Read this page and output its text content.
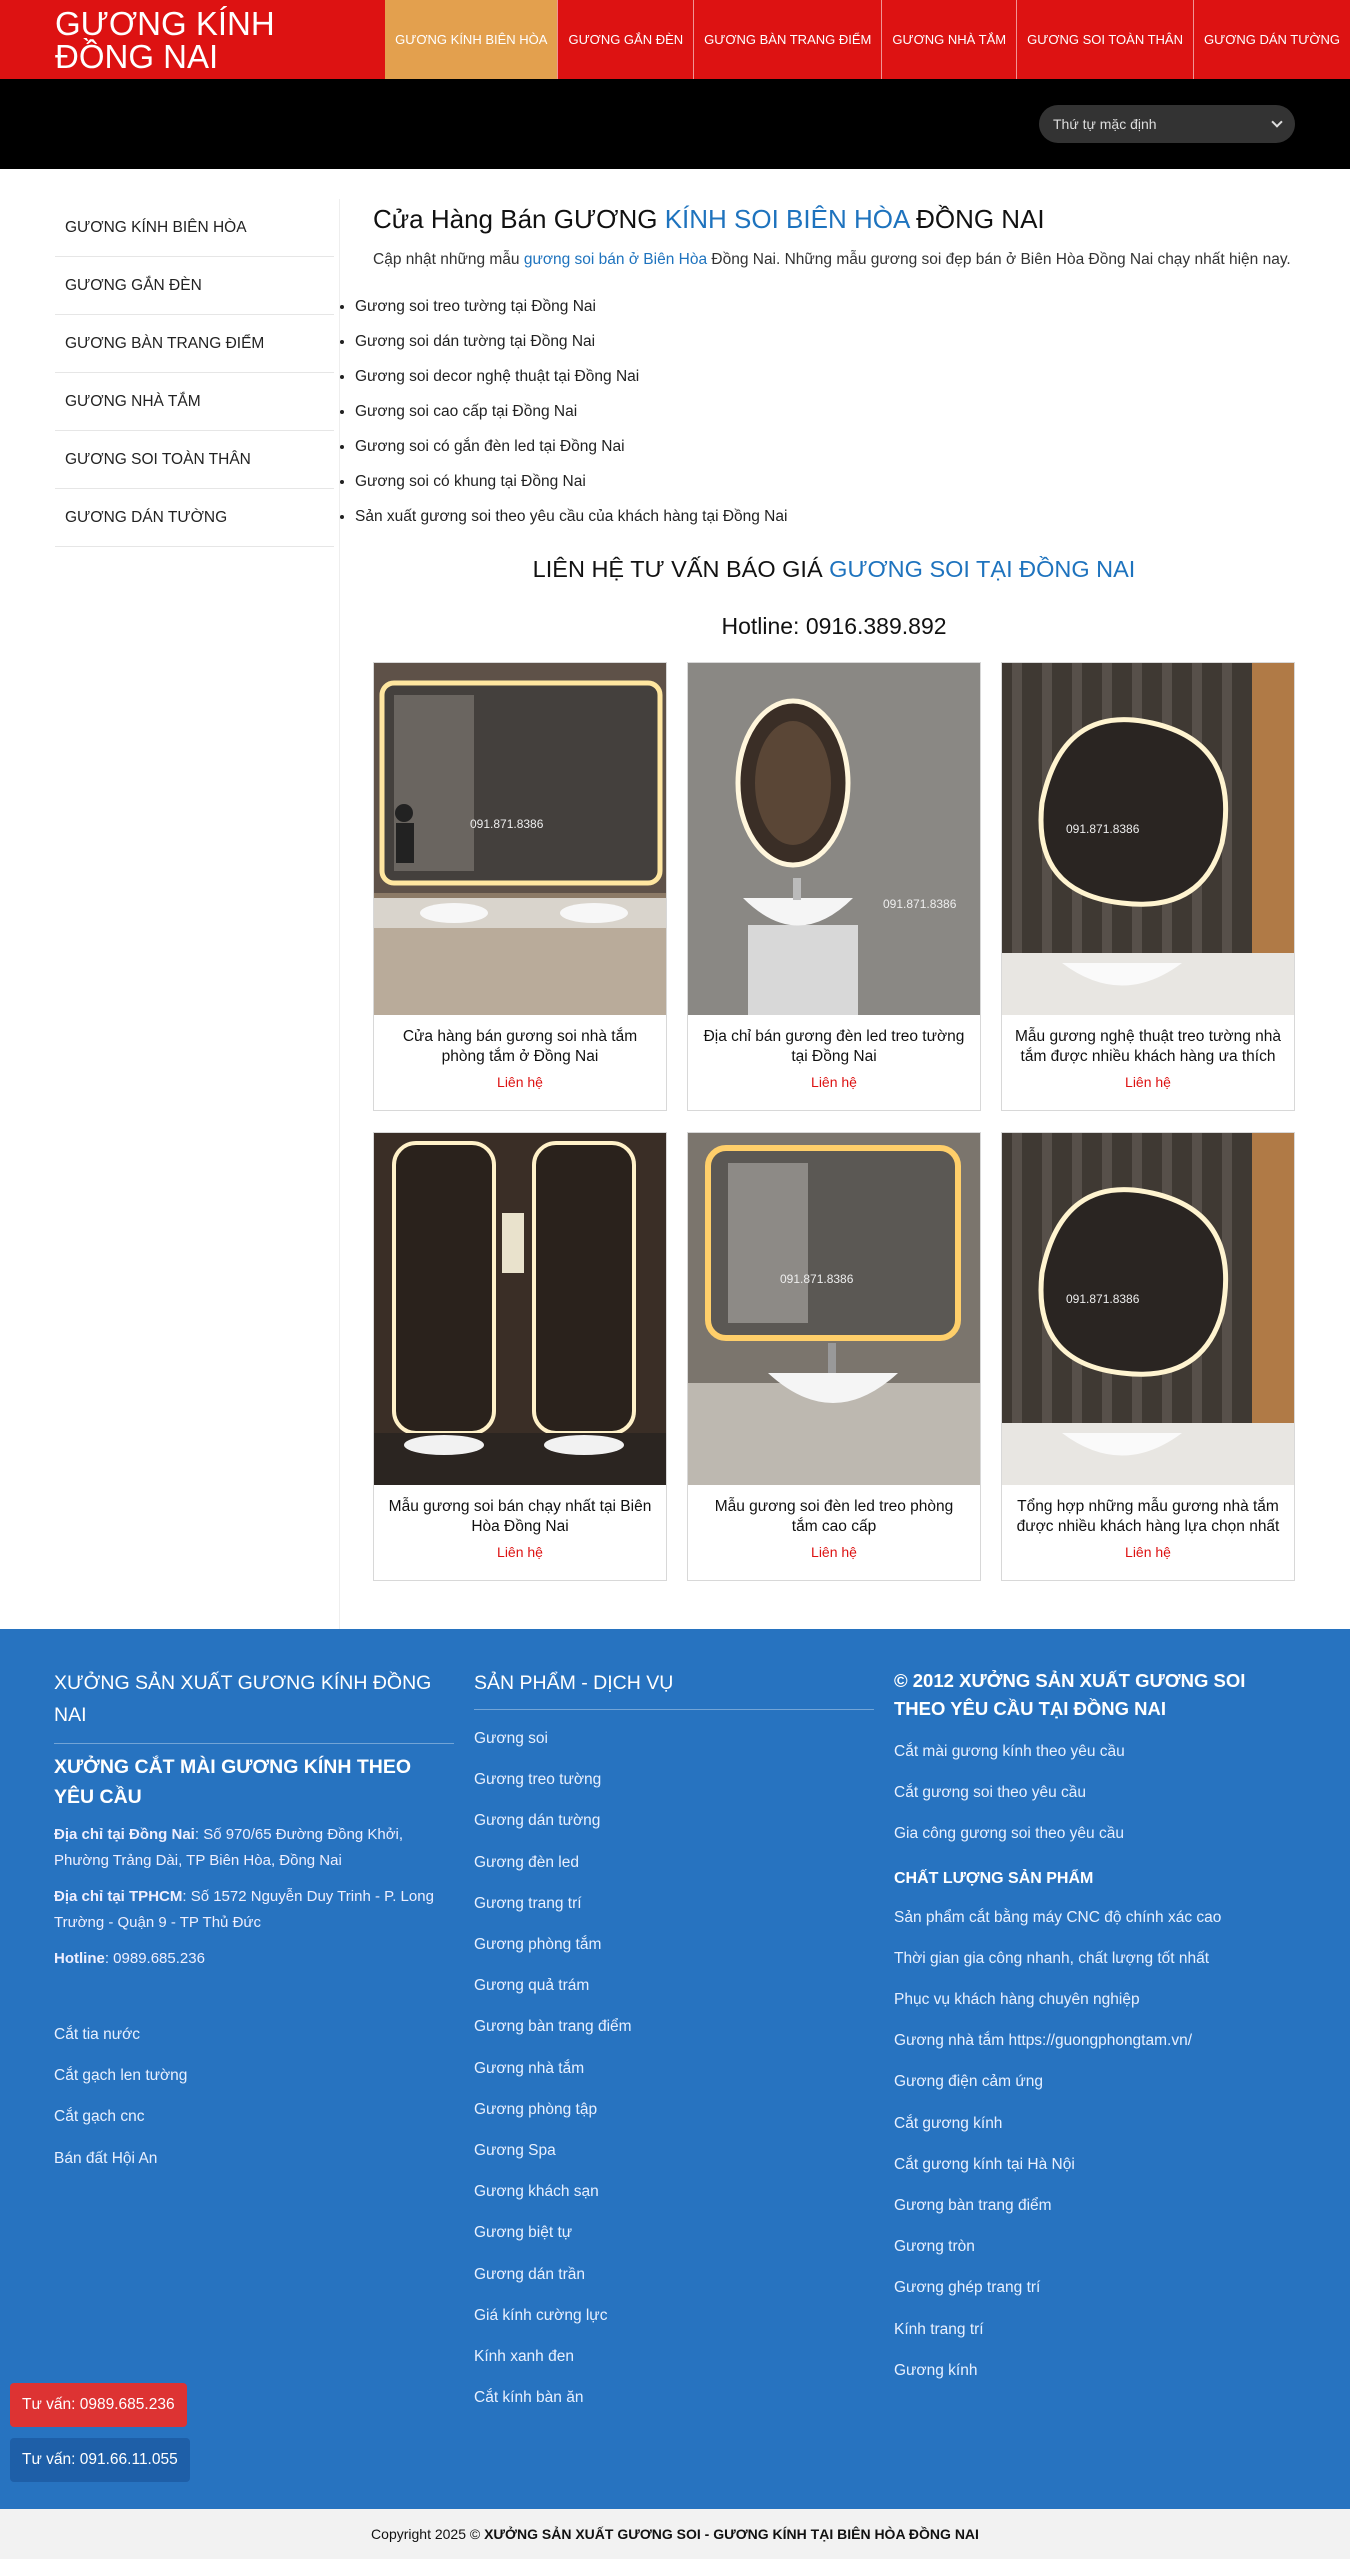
GƯƠNG KÍNH
ĐỒNG NAI	GƯƠNG KÍNH BIÊN HÒA	GƯƠNG GẮN ĐÈN	GƯƠNG BÀN TRANG ĐIỂM	GƯƠNG NHÀ TẮM	GƯƠNG SOI TOÀN THÂN	GƯƠNG DÁN TƯỜNG
Thứ tự mặc định
GƯƠNG KÍNH BIÊN HÒA
GƯƠNG GẮN ĐÈN
GƯƠNG BÀN TRANG ĐIỂM
GƯƠNG NHÀ TẮM
GƯƠNG SOI TOÀN THÂN
GƯƠNG DÁN TƯỜNG
Cửa Hàng Bán GƯƠNG KÍNH SOI BIÊN HÒA ĐỒNG NAI

Cập nhật những mẫu gương soi bán ở Biên Hòa Đồng Nai. Những mẫu gương soi đẹp bán ở Biên Hòa Đồng Nai chạy nhất hiện nay.

• Gương soi treo tường tại Đồng Nai
• Gương soi dán tường tại Đồng Nai
• Gương soi decor nghệ thuật tại Đồng Nai
• Gương soi cao cấp tại Đồng Nai
• Gương soi có gắn đèn led tại Đồng Nai
• Gương soi có khung tại Đồng Nai
• Sản xuất gương soi theo yêu cầu của khách hàng tại Đồng Nai
LIÊN HỆ TƯ VẤN BÁO GIÁ GƯƠNG SOI TẠI ĐỒNG NAI
Hotline: 0916.389.892
091.871.8386
Cửa hàng bán gương soi nhà tắm phòng tắm ở Đồng Nai
Liên hệ
091.871.8386
Địa chỉ bán gương đèn led treo tường tại Đồng Nai
Liên hệ
091.871.8386
Mẫu gương nghệ thuật treo tường nhà tắm được nhiều khách hàng ưa thích
Liên hệ
Mẫu gương soi bán chạy nhất tại Biên Hòa Đồng Nai
Liên hệ
091.871.8386
Mẫu gương soi đèn led treo phòng tắm cao cấp
Liên hệ
091.871.8386
Tổng hợp những mẫu gương nhà tắm được nhiều khách hàng lựa chọn nhất
Liên hệ
XƯỞNG SẢN XUẤT GƯƠNG KÍNH ĐỒNG NAI
XƯỞNG CẮT MÀI GƯƠNG KÍNH THEO YÊU CẦU

Địa chỉ tại Đồng Nai: Số 970/65 Đường Đồng Khởi, Phường Trảng Dài, TP Biên Hòa, Đồng Nai

Địa chỉ tại TPHCM: Số 1572 Nguyễn Duy Trinh - P. Long Trường - Quận 9 - TP Thủ Đức

Hotline: 0989.685.236

Cắt tia nước
Cắt gạch len tường
Cắt gạch cnc
Bán đất Hội An
SẢN PHẨM - DỊCH VỤ
Gương soi
Gương treo tường
Gương dán tường
Gương đèn led
Gương trang trí
Gương phòng tắm
Gương quả trám
Gương bàn trang điểm
Gương nhà tắm
Gương phòng tập
Gương Spa
Gương khách sạn
Gương biệt tự
Gương dán trần
Giá kính cường lực
Kính xanh đen
Cắt kính bàn ăn
© 2012 XƯỞNG SẢN XUẤT GƯƠNG SOI THEO YÊU CẦU TẠI ĐỒNG NAI
Cắt mài gương kính theo yêu cầu
Cắt gương soi theo yêu cầu
Gia công gương soi theo yêu cầu
CHẤT LƯỢNG SẢN PHẨM
Sản phẩm cắt bằng máy CNC độ chính xác cao
Thời gian gia công nhanh, chất lượng tốt nhất
Phục vụ khách hàng chuyên nghiệp
Gương nhà tắm https://guongphongtam.vn/
Gương điện cảm ứng
Cắt gương kính
Cắt gương kính tại Hà Nội
Gương bàn trang điểm
Gương tròn
Gương ghép trang trí
Kính trang trí
Gương kính
Copyright 2025 © XƯỞNG SẢN XUẤT GƯƠNG SOI - GƯƠNG KÍNH TẠI BIÊN HÒA ĐỒNG NAI
Tư vấn: 0989.685.236
Tư vấn: 091.66.11.055
